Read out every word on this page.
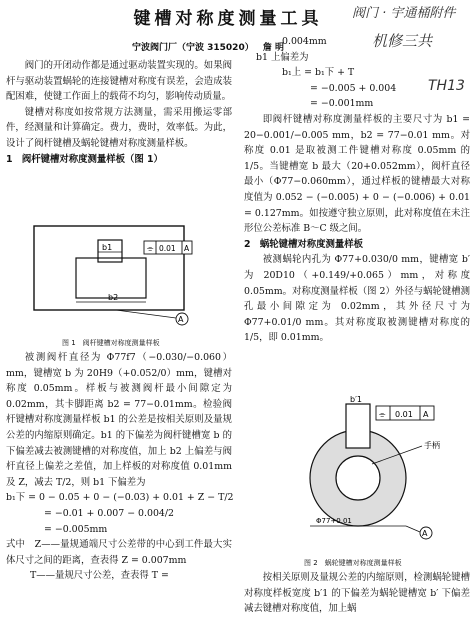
键槽对称度测量工具	阀门 · 宇通桶附件
机修三共
TH13
宁波阀门厂（宁波 315020） 詹 明

阀门的开闭动作都是通过驱动装置实现的。如果阀杆与驱动装置蜗轮的连接键槽对称度有误差，会造成装配困难，使键工作面上的载荷不均匀，影响传动质量。

键槽对称度如按常规方法测量，需采用搬运零部件，经测量和计算确定。费力，费时，效率低。为此，设计了阀杆键槽及蜗轮键槽对称度测量样板。

1　阀杆键槽对称度测量样板（图 1）

b1
b2
⌯ 0.01 A
A
图 1　阀杆键槽对称度测量样板

被测阀杆直径为 Φ77f7（−0.030/−0.060）mm，键槽宽 b 为 20H9（+0.052/0）mm，键槽对称度 0.05mm。样板与被测阀杆最小间隙定为 0.02mm，其卡脚距离 b2 = 77−0.01mm。检验阀杆键槽对称度测量样板 b1 的公差是按相关原则及量规公差的内缩原则确定。b1 的下偏差为阀杆键槽宽 b 的下偏差减去被测键槽的对称度值，加上 b2 上偏差与阀杆直径上偏差之差值，加上样板的对称度值 0.01mm 及 Z，减去 T/2，则 b1 下偏差为

b₁下 = 0 − 0.05 + 0 − (−0.03) + 0.01 + Z − T/2

= −0.01 + 0.007 − 0.004/2

= −0.005mm

式中　Z——量规通端尺寸公差带的中心到工件最大实体尺寸之间的距离，查表得 Z = 0.007mm

T——量规尺寸公差，查表得 T =

0.004mm

b1 上偏差为

b₁上 = b₁下 + T

= −0.005 + 0.004

= −0.001mm

即阀杆键槽对称度测量样板的主要尺寸为 b1 = 20−0.001/−0.005 mm，b2 = 77−0.01 mm。对称度 0.01 是取被测工件键槽对称度 0.05mm 的 1/5。当键槽宽 b 最大（20+0.052mm），阀杆直径最小（Φ77−0.060mm），通过样板的键槽最大对称度值为 0.052 − (−0.005) + 0 − (−0.006) + 0.01 = 0.127mm。如按遵守独立原则，此对称度值在未注形位公差标准 B～C 级之间。

2　蜗轮键槽对称度测量样板

被测蜗轮内孔为 Φ77+0.030/0 mm，键槽宽 b′ 为 20D10（+0.149/+0.065）mm，对称度 0.05mm。对称度测量样板（图 2）外径与蜗轮键槽测孔最小间隙定为 0.02mm，其外径尺寸为 Φ77+0.01/0 mm。其对称度取被测键槽对称度的 1/5，即 0.01mm。

b′1
⌯ 0.01 A
手柄
Φ77+0.01
A
图 2　蜗轮键槽对称度测量样板

按相关原则及量规公差的内缩原则，检测蜗轮键槽对称度样板宽度 b′1 的下偏差为蜗轮键槽宽 b′ 下偏差减去键槽对称度值，加上蜗
